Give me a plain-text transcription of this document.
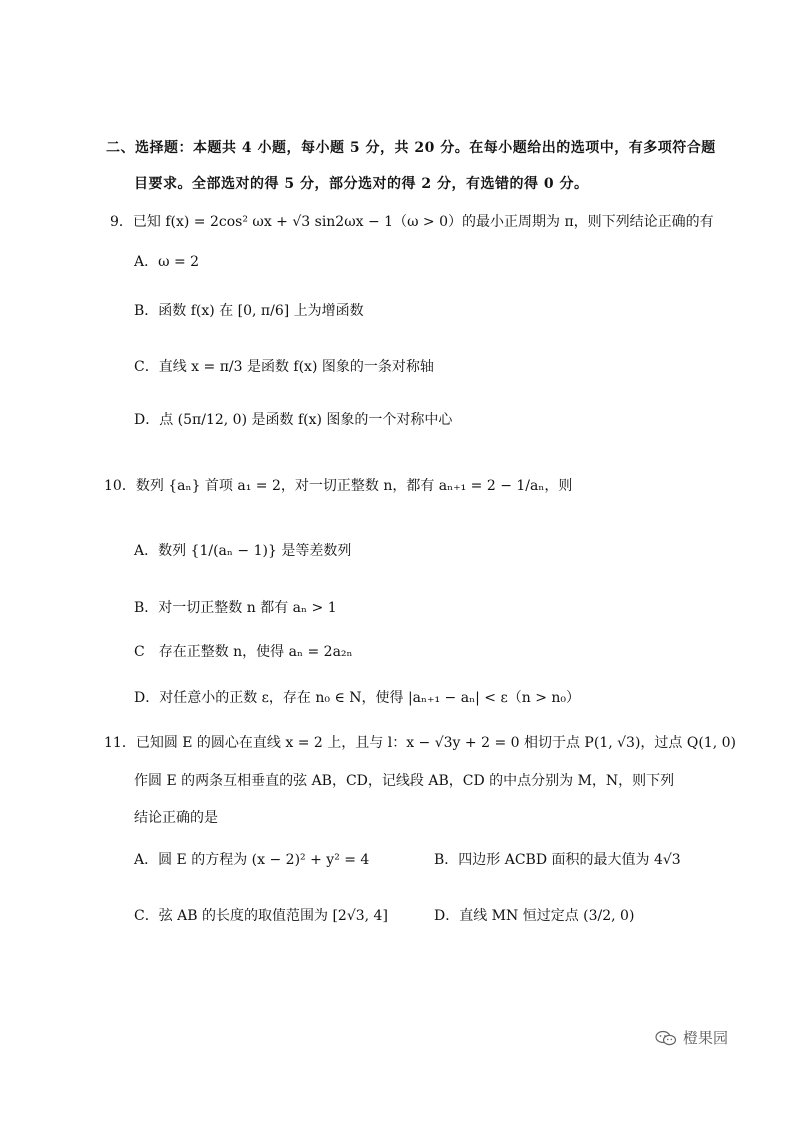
二、选择题：本题共 4 小题，每小题 5 分，共 20 分。在每小题给出的选项中，有多项符合题
目要求。全部选对的得 5 分，部分选对的得 2 分，有选错的得 0 分。
9．已知 f(x) = 2cos² ωx + √3 sin2ωx − 1（ω > 0）的最小正周期为 π，则下列结论正确的有
A．ω = 2
B．函数 f(x) 在 [0, π/6] 上为增函数
C．直线 x = π/3 是函数 f(x) 图象的一条对称轴
D．点 (5π/12, 0) 是函数 f(x) 图象的一个对称中心
10．数列 {aₙ} 首项 a₁ = 2，对一切正整数 n，都有 aₙ₊₁ = 2 − 1/aₙ，则
A．数列 {1/(aₙ − 1)} 是等差数列
B．对一切正整数 n 都有 aₙ > 1
C　存在正整数 n，使得 aₙ = 2a₂ₙ
D．对任意小的正数 ε，存在 n₀ ∈ N，使得 |aₙ₊₁ − aₙ| < ε（n > n₀）
11．已知圆 E 的圆心在直线 x = 2 上，且与 l：x − √3y + 2 = 0 相切于点 P(1, √3)，过点 Q(1, 0)
作圆 E 的两条互相垂直的弦 AB，CD，记线段 AB，CD 的中点分别为 M，N，则下列
结论正确的是
A．圆 E 的方程为 (x − 2)² + y² = 4	B．四边形 ACBD 面积的最大值为 4√3
C．弦 AB 的长度的取值范围为 [2√3, 4]	D．直线 MN 恒过定点 (3/2, 0)
橙果园
